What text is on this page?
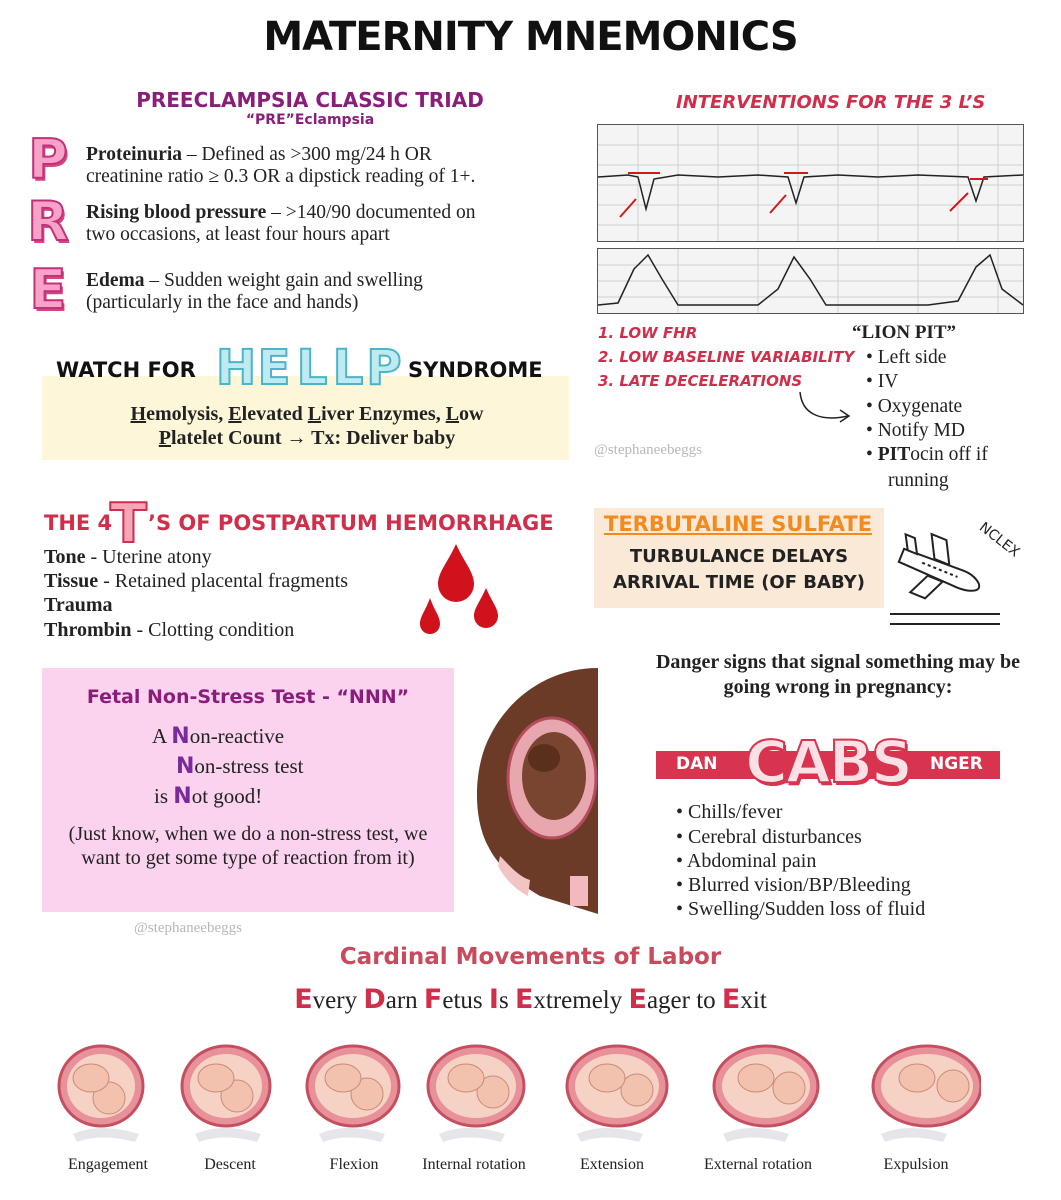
MATERNITY MNEMONICS
PREECLAMPSIA CLASSIC TRIAD
“PRE”Eclampsia
P
R
E
Proteinuria – Defined as >300 mg/24 h OR
creatinine ratio ≥ 0.3 OR a dipstick reading of 1+.
Rising blood pressure – >140/90 documented on
two occasions, at least four hours apart
Edema – Sudden weight gain and swelling
(particularly in the face and hands)
WATCH FOR H E L L P SYNDROME
Hemolysis, Elevated Liver Enzymes, Low
Platelet Count → Tx: Deliver baby
THE 4
T ’S OF POSTPARTUM HEMORRHAGE
Tone - Uterine atony
Tissue - Retained placental fragments
Trauma
Thrombin - Clotting condition
Fetal Non-Stress Test - “NNN”
A Non-reactive
Non-stress test
is Not good!
(Just know, when we do a non-stress test, we want to get some type of reaction from it)
@stephaneebeggs
INTERVENTIONS FOR THE 3 L’S
1. LOW FHR
2. LOW BASELINE VARIABILITY
3. LATE DECELERATIONS
@stephaneebeggs
“LION PIT”
• Left side
• IV
• Oxygenate
• Notify MD
• PITocin off if
running
TERBUTALINE SULFATE
TURBULANCE DELAYS
ARRIVAL TIME (OF BABY)
NCLEX
Danger signs that signal something may be going wrong in pregnancy:
DAN	NGER
CABS
• Chills/fever
• Cerebral disturbances
• Abdominal pain
• Blurred vision/BP/Bleeding
• Swelling/Sudden loss of fluid
Cardinal Movements of Labor
Every Darn Fetus Is Extremely Eager to Exit
Engagement	Descent	Flexion	Internal rotation	Extension	External rotation	Expulsion
